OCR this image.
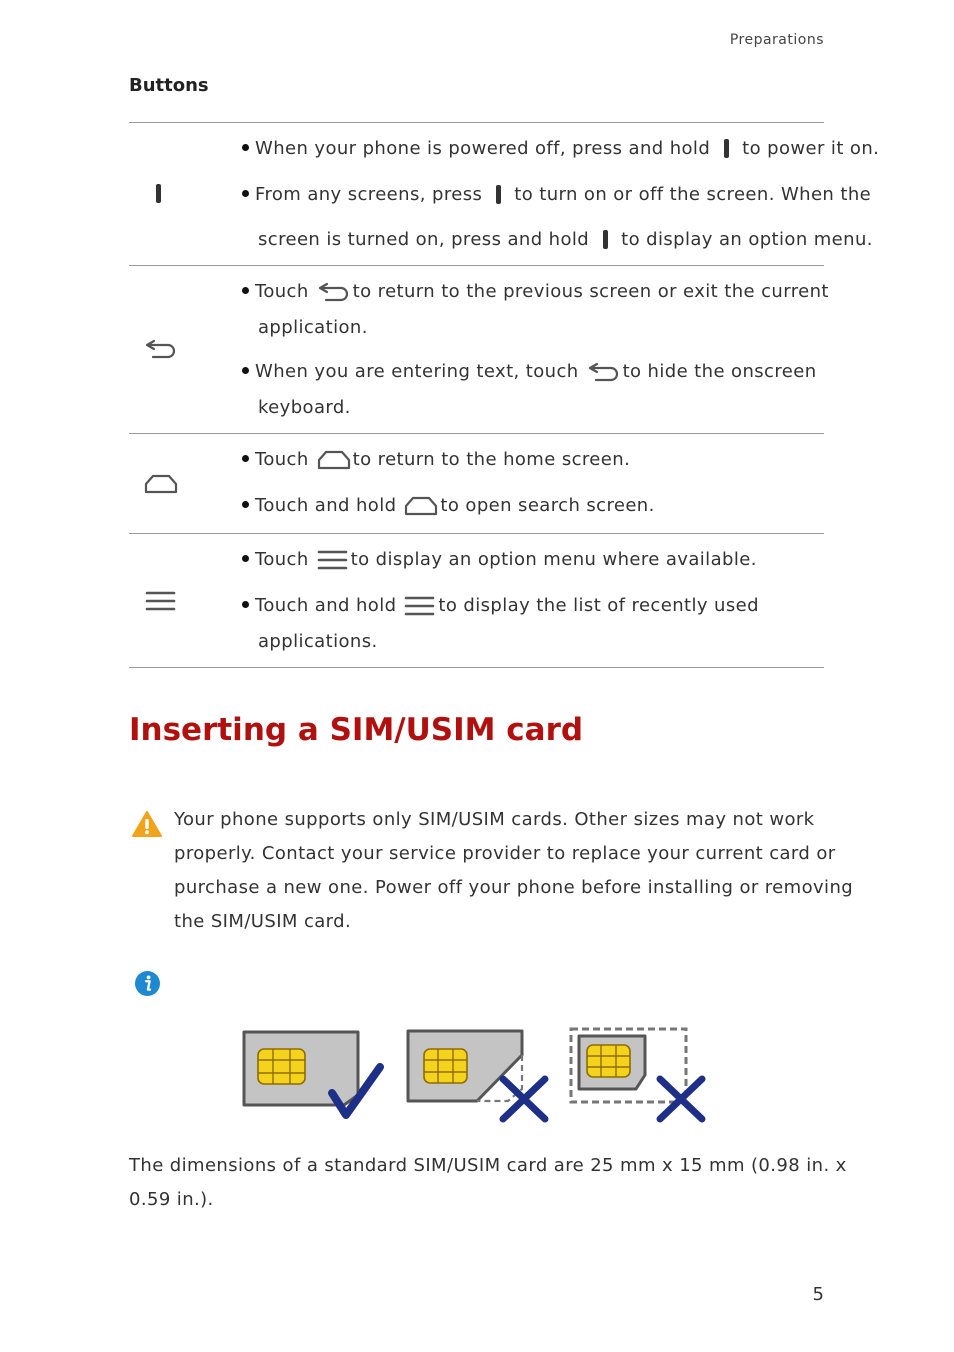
Preparations
Buttons
When your phone is powered off, press and hold to power it on.
From any screens, press to turn on or off the screen. When the
screen is turned on, press and hold to display an option menu.
Touch to return to the previous screen or exit the current
application.
When you are entering text, touch to hide the onscreen
keyboard.
Touch to return to the home screen.
Touch and hold to open search screen.
Touch to display an option menu where available.
Touch and hold to display the list of recently used
applications.
Inserting a SIM/USIM card
Your phone supports only SIM/USIM cards. Other sizes may not work
properly. Contact your service provider to replace your current card or
purchase a new one. Power off your phone before installing or removing
the SIM/USIM card.
The dimensions of a standard SIM/USIM card are 25 mm x 15 mm (0.98 in. x
0.59 in.).
5
